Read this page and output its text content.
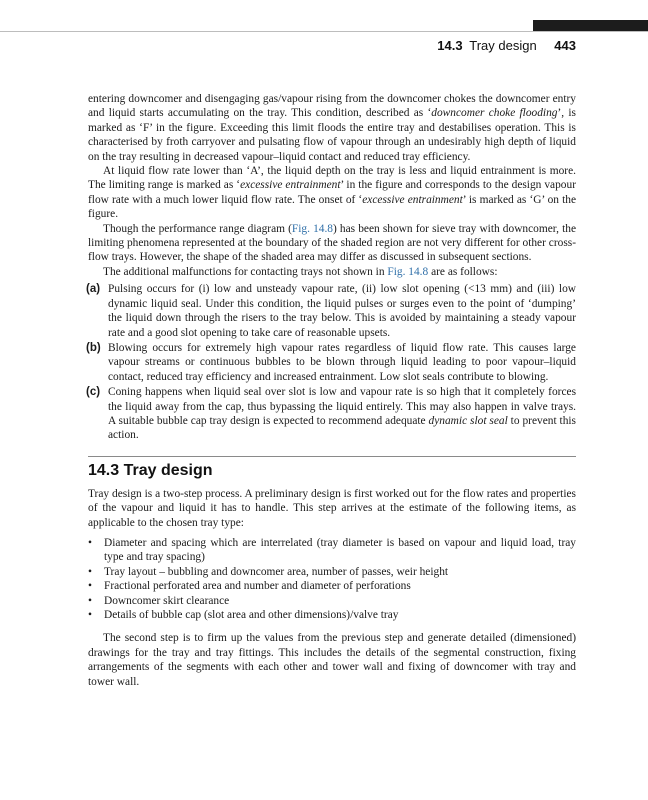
14.3 Tray design 443

entering downcomer and disengaging gas/vapour rising from the downcomer chokes the downcomer entry and liquid starts accumulating on the tray. This condition, described as ‘downcomer choke flooding’, is marked as ‘F’ in the figure. Exceeding this limit floods the entire tray and destabilises operation. This is characterised by froth carryover and pulsating flow of vapour through an undesirably high depth of liquid on the tray resulting in decreased vapour–liquid contact and reduced tray efficiency.

At liquid flow rate lower than ‘A’, the liquid depth on the tray is less and liquid entrainment is more. The limiting range is marked as ‘excessive entrainment’ in the figure and corresponds to the design vapour flow rate with a much lower liquid flow rate. The onset of ‘excessive entrainment’ is marked as ‘G’ on the figure.

Though the performance range diagram (Fig. 14.8) has been shown for sieve tray with downcomer, the limiting phenomena represented at the boundary of the shaded region are not very different for other cross-flow trays. However, the shape of the shaded area may differ as discussed in subsequent sections.

The additional malfunctions for contacting trays not shown in Fig. 14.8 are as follows:

(a) Pulsing occurs for (i) low and unsteady vapour rate, (ii) low slot opening (<13 mm) and (iii) low dynamic liquid seal. Under this condition, the liquid pulses or surges even to the point of ‘dumping’ the liquid down through the risers to the tray below. This is avoided by maintaining a steady vapour rate and a good slot opening to take care of reasonable upsets.
(b) Blowing occurs for extremely high vapour rates regardless of liquid flow rate. This causes large vapour streams or continuous bubbles to be blown through liquid leading to poor vapour–liquid contact, reduced tray efficiency and increased entrainment. Low slot seals contribute to blowing.
(c) Coning happens when liquid seal over slot is low and vapour rate is so high that it completely forces the liquid away from the cap, thus bypassing the liquid entirely. This may also happen in valve trays. A suitable bubble cap tray design is expected to recommend adequate dynamic slot seal to prevent this action.
14.3 Tray design

Tray design is a two-step process. A preliminary design is first worked out for the flow rates and properties of the vapour and liquid it has to handle. This step arrives at the estimate of the following items, as applicable to the chosen tray type:

• Diameter and spacing which are interrelated (tray diameter is based on vapour and liquid load, tray type and tray spacing)
• Tray layout – bubbling and downcomer area, number of passes, weir height
• Fractional perforated area and number and diameter of perforations
• Downcomer skirt clearance
• Details of bubble cap (slot area and other dimensions)/valve tray

The second step is to firm up the values from the previous step and generate detailed (dimensioned) drawings for the tray and tray fittings. This includes the details of the segmental construction, fixing arrangements of the segments with each other and tower wall and fixing of downcomer with tray and tower wall.
